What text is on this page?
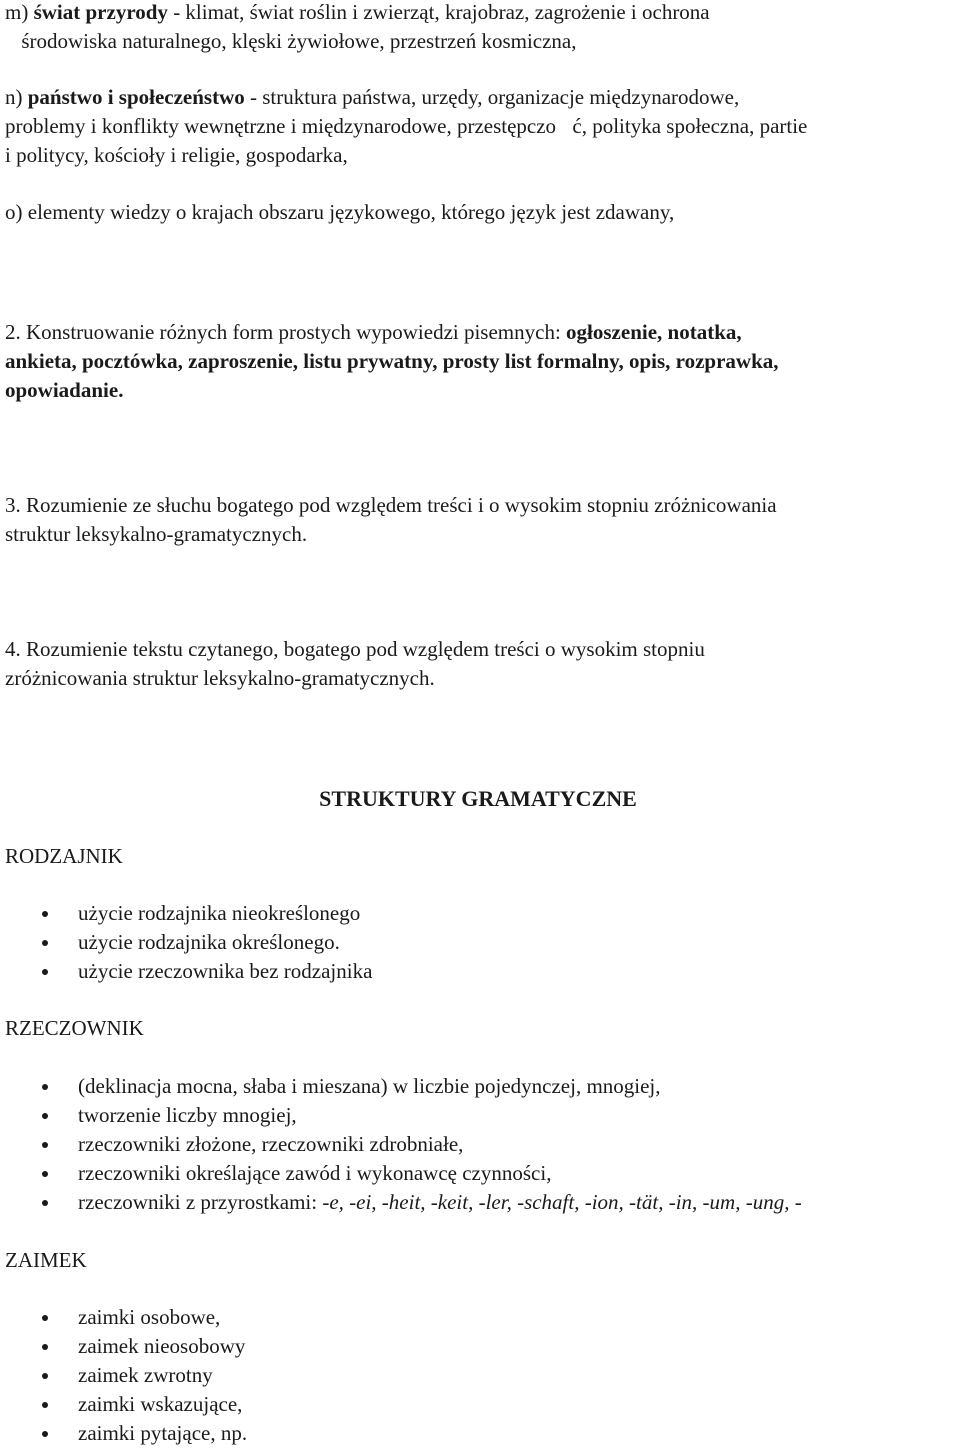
m) świat przyrody - klimat, świat roślin i zwierząt, krajobraz, zagrożenie i ochrona

środowiska naturalnego, klęski żywiołowe, przestrzeń kosmiczna,

n) państwo i społeczeństwo - struktura państwa, urzędy, organizacje międzynarodowe,

problemy i konflikty wewnętrzne i międzynarodowe, przestępczo ć, polityka społeczna, partie

i politycy, kościoły i religie, gospodarka,

o) elementy wiedzy o krajach obszaru językowego, którego język jest zdawany,

2. Konstruowanie różnych form prostych wypowiedzi pisemnych: ogłoszenie, notatka,

ankieta, pocztówka, zaproszenie, listu prywatny, prosty list formalny, opis, rozprawka,

opowiadanie.

3. Rozumienie ze słuchu bogatego pod względem treści i o wysokim stopniu zróżnicowania

struktur leksykalno-gramatycznych.

4. Rozumienie tekstu czytanego, bogatego pod względem treści o wysokim stopniu

zróżnicowania struktur leksykalno-gramatycznych.

STRUKTURY GRAMATYCZNE
RODZAJNIK
użycie rodzajnika nieokreślonego
użycie rodzajnika określonego.
użycie rzeczownika bez rodzajnika
RZECZOWNIK
(deklinacja mocna, słaba i mieszana) w liczbie pojedynczej, mnogiej,
tworzenie liczby mnogiej,
rzeczowniki złożone, rzeczowniki zdrobniałe,
rzeczowniki określające zawód i wykonawcę czynności,
rzeczowniki z przyrostkami: -e, -ei, -heit, -keit, -ler, -schaft, -ion, -tät, -in, -um, -ung, -
ZAIMEK
zaimki osobowe,
zaimek nieosobowy
zaimek zwrotny
zaimki wskazujące,
zaimki pytające, np.
